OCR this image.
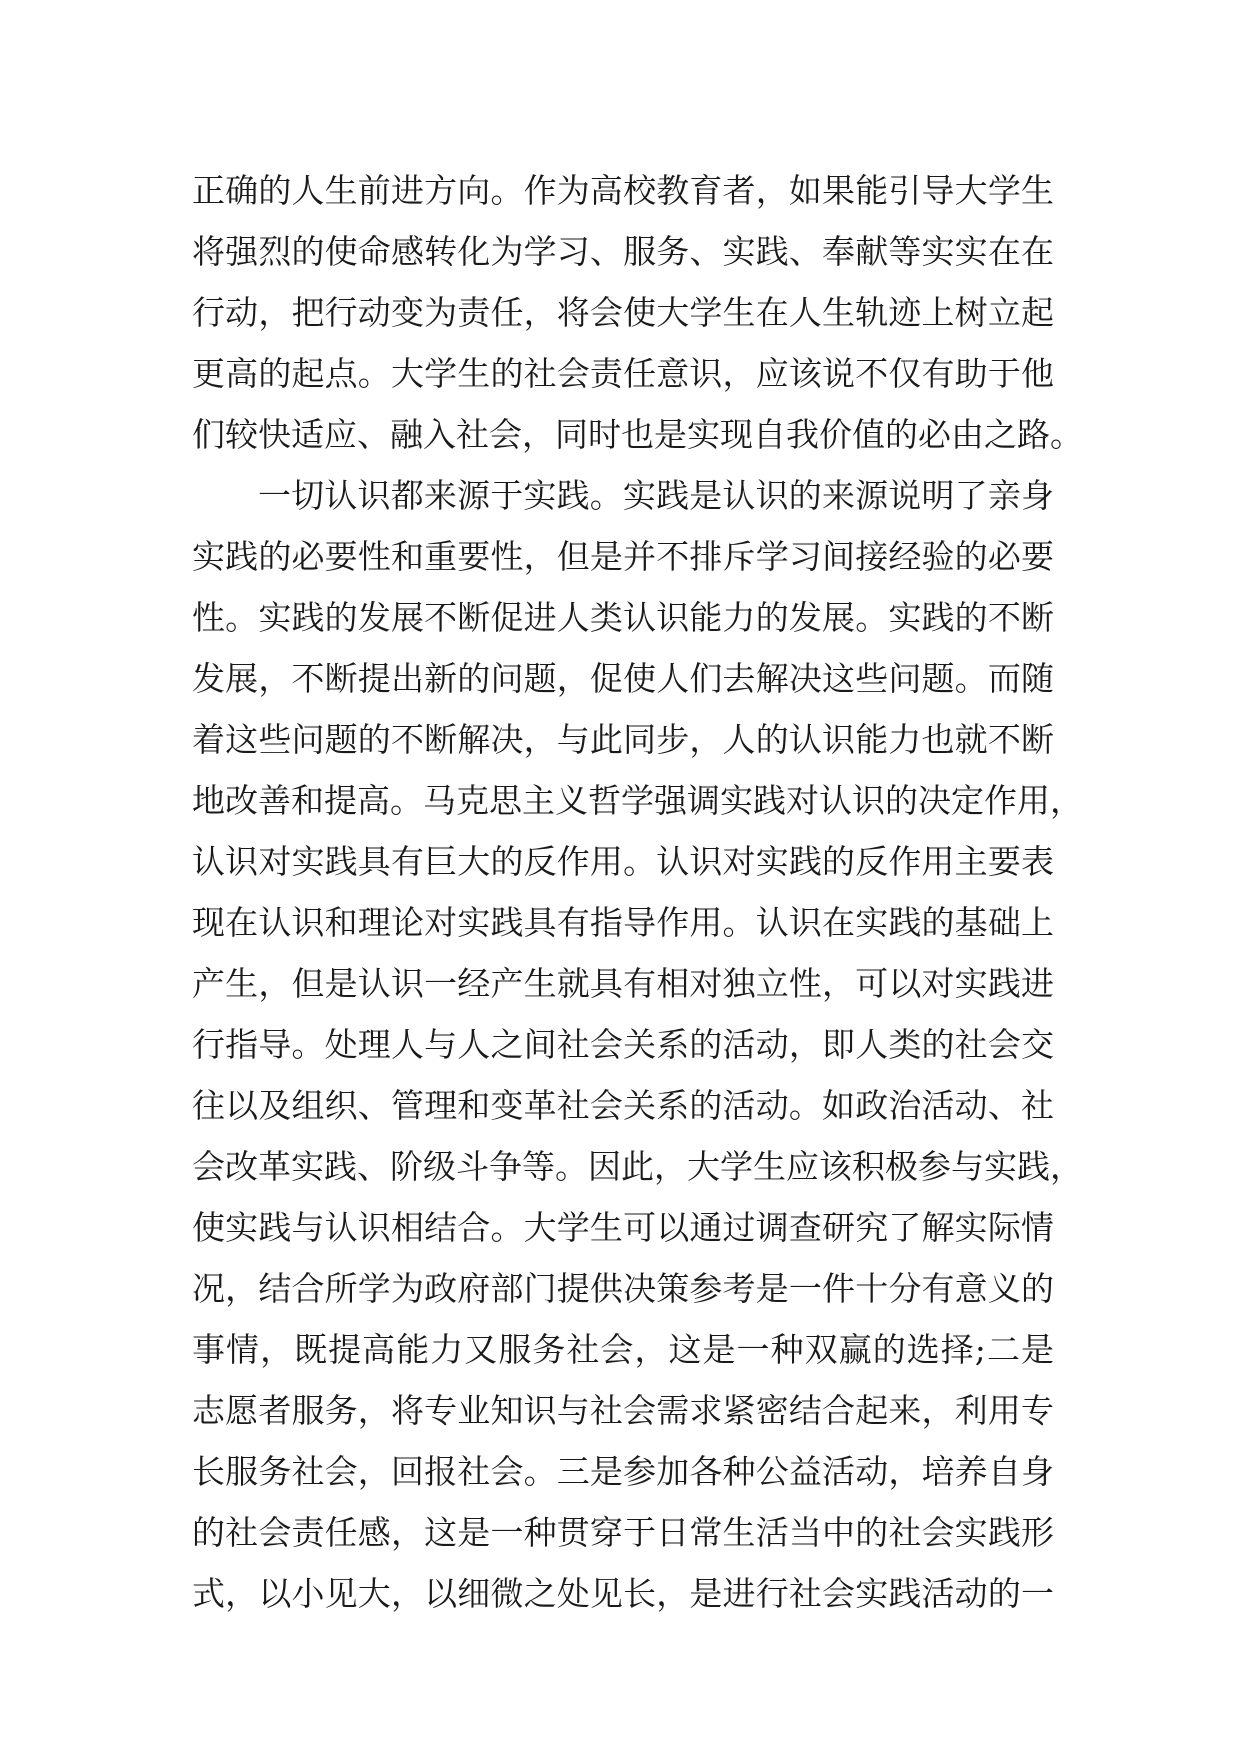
正确的人生前进方向。作为高校教育者，如果能引导大学生
将强烈的使命感转化为学习、服务、实践、奉献等实实在在
行动，把行动变为责任，将会使大学生在人生轨迹上树立起
更高的起点。大学生的社会责任意识，应该说不仅有助于他
们较快适应、融入社会，同时也是实现自我价值的必由之路。
一切认识都来源于实践。实践是认识的来源说明了亲身
实践的必要性和重要性，但是并不排斥学习间接经验的必要
性。实践的发展不断促进人类认识能力的发展。实践的不断
发展，不断提出新的问题，促使人们去解决这些问题。而随
着这些问题的不断解决，与此同步，人的认识能力也就不断
地改善和提高。马克思主义哲学强调实践对认识的决定作用，
认识对实践具有巨大的反作用。认识对实践的反作用主要表
现在认识和理论对实践具有指导作用。认识在实践的基础上
产生，但是认识一经产生就具有相对独立性，可以对实践进
行指导。处理人与人之间社会关系的活动，即人类的社会交
往以及组织、管理和变革社会关系的活动。如政治活动、社
会改革实践、阶级斗争等。因此，大学生应该积极参与实践，
使实践与认识相结合。大学生可以通过调查研究了解实际情
况，结合所学为政府部门提供决策参考是一件十分有意义的
事情，既提高能力又服务社会，这是一种双赢的选择;二是
志愿者服务，将专业知识与社会需求紧密结合起来，利用专
长服务社会，回报社会。三是参加各种公益活动，培养自身
的社会责任感，这是一种贯穿于日常生活当中的社会实践形
式，以小见大，以细微之处见长，是进行社会实践活动的一
